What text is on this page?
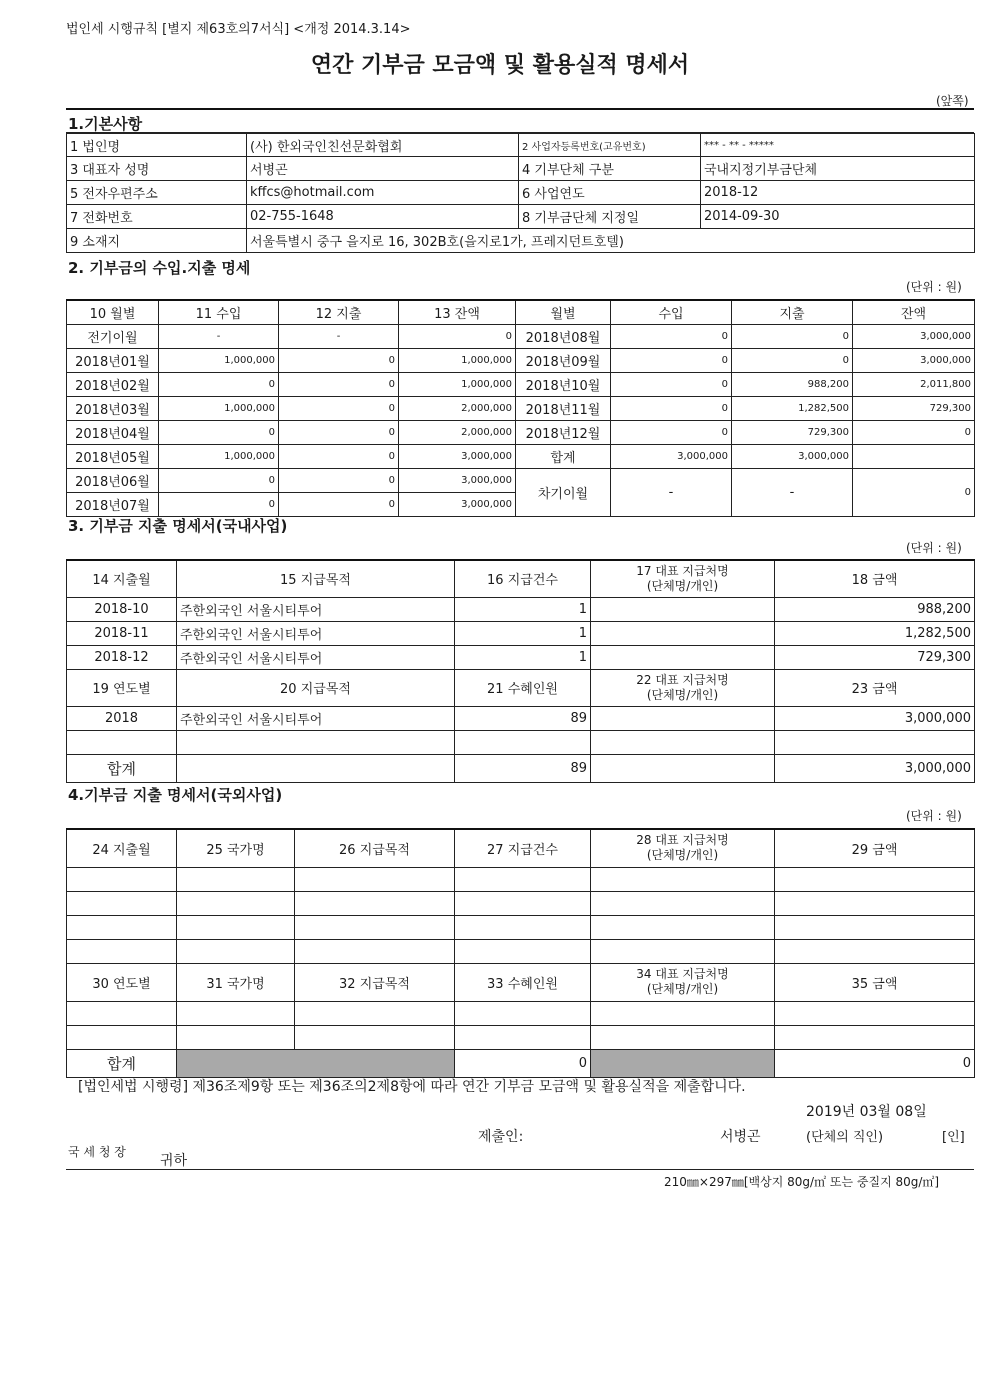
법인세 시행규칙 [별지 제63호의7서식] <개정 2014.3.14>
연간 기부금 모금액 및 활용실적 명세서
(앞쪽)
1.기본사항
1 법인명	(사) 한외국인친선문화협회	2 사업자등록번호(고유번호)	*** - ** - *****
3 대표자 성명	서병곤	4 기부단체 구분	국내지정기부금단체
5 전자우편주소	kffcs@hotmail.com	6 사업연도	2018-12
7 전화번호	02-755-1648	8 기부금단체 지정일	2014-09-30
9 소재지	서울특별시 중구 을지로 16, 302B호(을지로1가, 프레지던트호텔)		
2. 기부금의 수입.지출 명세
(단위 : 원)
10 월별	11 수입	12 지출	13 잔액	월별	수입	지출	잔액
전기이월	-	-	0	2018년08월	0	0	3,000,000
2018년01월	1,000,000	0	1,000,000	2018년09월	0	0	3,000,000
2018년02월	0	0	1,000,000	2018년10월	0	988,200	2,011,800
2018년03월	1,000,000	0	2,000,000	2018년11월	0	1,282,500	729,300
2018년04월	0	0	2,000,000	2018년12월	0	729,300	0
2018년05월	1,000,000	0	3,000,000	합계	3,000,000	3,000,000	
2018년06월	0	0	3,000,000	차기이월	-	-	0
2018년07월	0	0	3,000,000				
3. 기부금 지출 명세서(국내사업)
(단위 : 원)
14 지출월	15 지급목적	16 지급건수	17 대표 지급처명
(단체명/개인)	18 금액
2018-10	주한외국인 서울시티투어	1		988,200
2018-11	주한외국인 서울시티투어	1		1,282,500
2018-12	주한외국인 서울시티투어	1		729,300
19 연도별	20 지급목적	21 수혜인원	22 대표 지급처명
(단체명/개인)	23 금액
2018	주한외국인 서울시티투어	89		3,000,000

합계		89		3,000,000
4.기부금 지출 명세서(국외사업)
(단위 : 원)
24 지출월	25 국가명	26 지급목적	27 지급건수	28 대표 지급처명
(단체명/개인)	29 금액

30 연도별	31 국가명	32 지급목적	33 수혜인원	34 대표 지급처명
(단체명/개인)	35 금액

합계			0		0
[법인세법 시행령] 제36조제9항 또는 제36조의2제8항에 따라 연간 기부금 모금액 및 활용실적을 제출합니다.
2019년 03월 08일
제출인:	서병곤	(단체의 직인)	[인]
국 세 청 장
귀하
210㎜×297㎜[백상지 80g/㎡ 또는 중질지 80g/㎡]
